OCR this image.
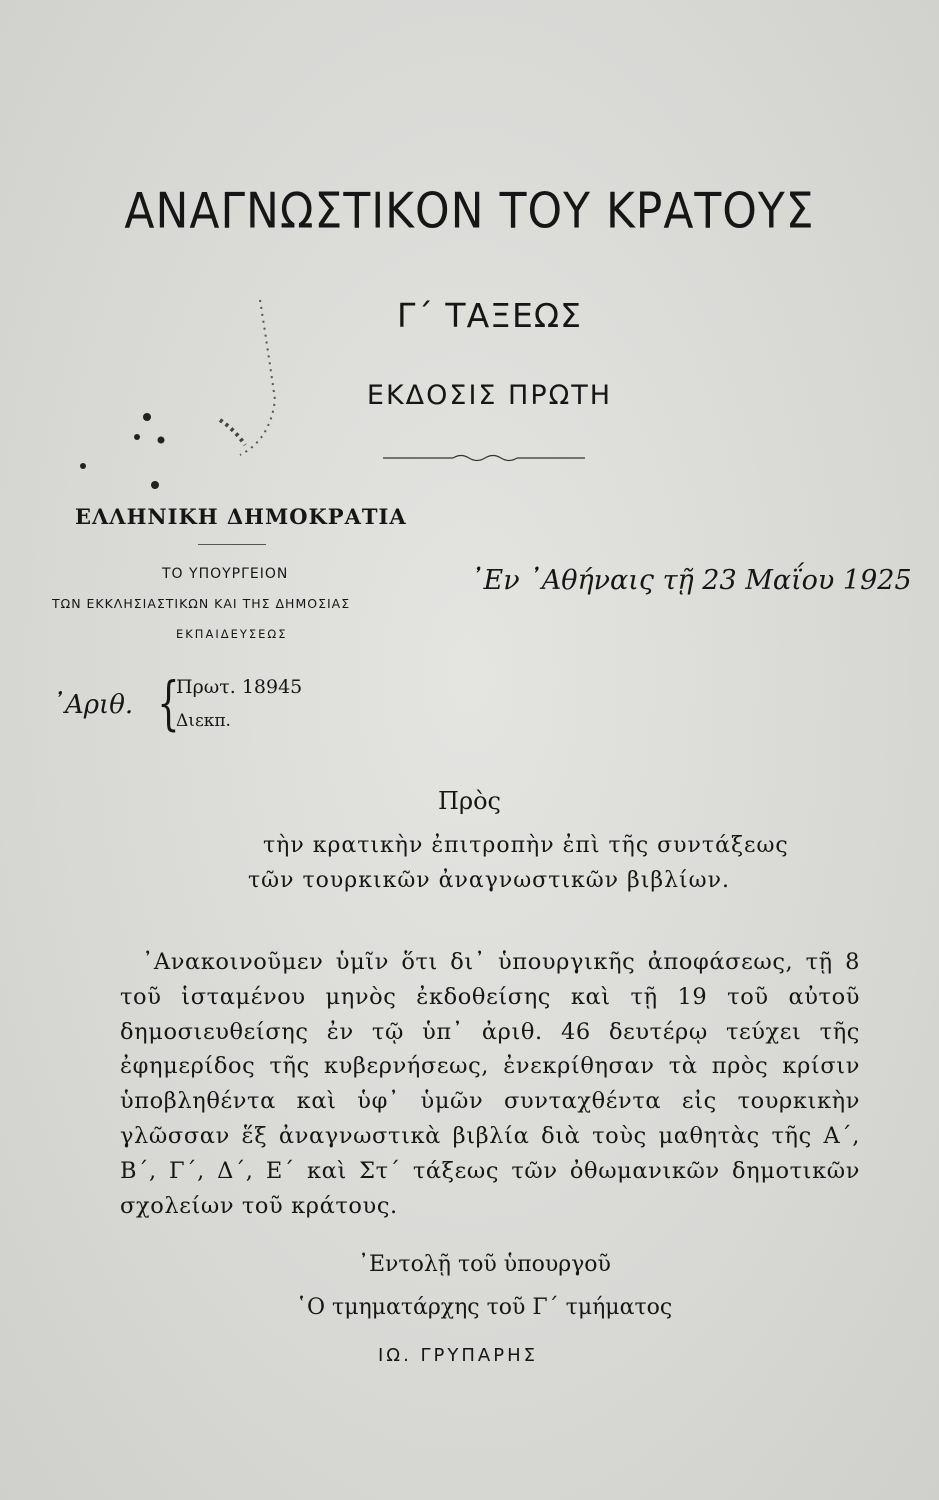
ΑΝΑΓΝΩΣΤΙΚΟΝ ΤΟΥ ΚΡΑΤΟΥΣ
Γ΄ ΤΑΞΕΩΣ
ΕΚΔΟΣΙΣ ΠΡΩΤΗ
ΕΛΛΗΝΙΚΗ ΔΗΜΟΚΡΑΤΙΑ
ΤΟ ΥΠΟΥΡΓΕΙΟΝ
ΤΩΝ ΕΚΚΛΗΣΙΑΣΤΙΚΩΝ ΚΑΙ ΤΗΣ ΔΗΜΟΣΙΑΣ
ΕΚΠΑΙΔΕΥΣΕΩΣ
᾿Εν ᾿Αθήναις τῇ 23 Μαΐου 1925
᾿Αριθ. {
Πρωτ. 18945
Διεκπ.
Πρὸς
τὴν κρατικὴν ἐπιτροπὴν ἐπὶ τῆς συντάξεως
τῶν τουρκικῶν ἀναγνωστικῶν βιβλίων.
᾿Ανακοινοῦμεν ὑμῖν ὅτι δι᾿ ὑπουργικῆς ἀποφάσεως, τῇ 8 τοῦ ἱσταμένου μηνὸς ἐκδοθείσης καὶ τῇ 19 τοῦ αὐτοῦ δημοσιευθείσης ἐν τῷ ὑπ᾿ ἀριθ. 46 δευτέρῳ τεύχει τῆς ἐφημερίδος τῆς κυβερνήσεως, ἐνεκρίθησαν τὰ πρὸς κρίσιν ὑποβληθέντα καὶ ὑφ᾿ ὑμῶν συνταχθέντα εἰς τουρκικὴν γλῶσσαν ἕξ ἀναγνωστικὰ βιβλία διὰ τοὺς μαθητὰς τῆς Α΄, Β΄, Γ΄, Δ΄, Ε΄ καὶ Στ΄ τάξεως τῶν ὀθωμανικῶν δημοτικῶν σχολείων τοῦ κράτους.
᾿Εντολῇ τοῦ ὑπουργοῦ
῾Ο τμηματάρχης τοῦ Γ΄ τμήματος
ΙΩ. ΓΡΥΠΑΡΗΣ
